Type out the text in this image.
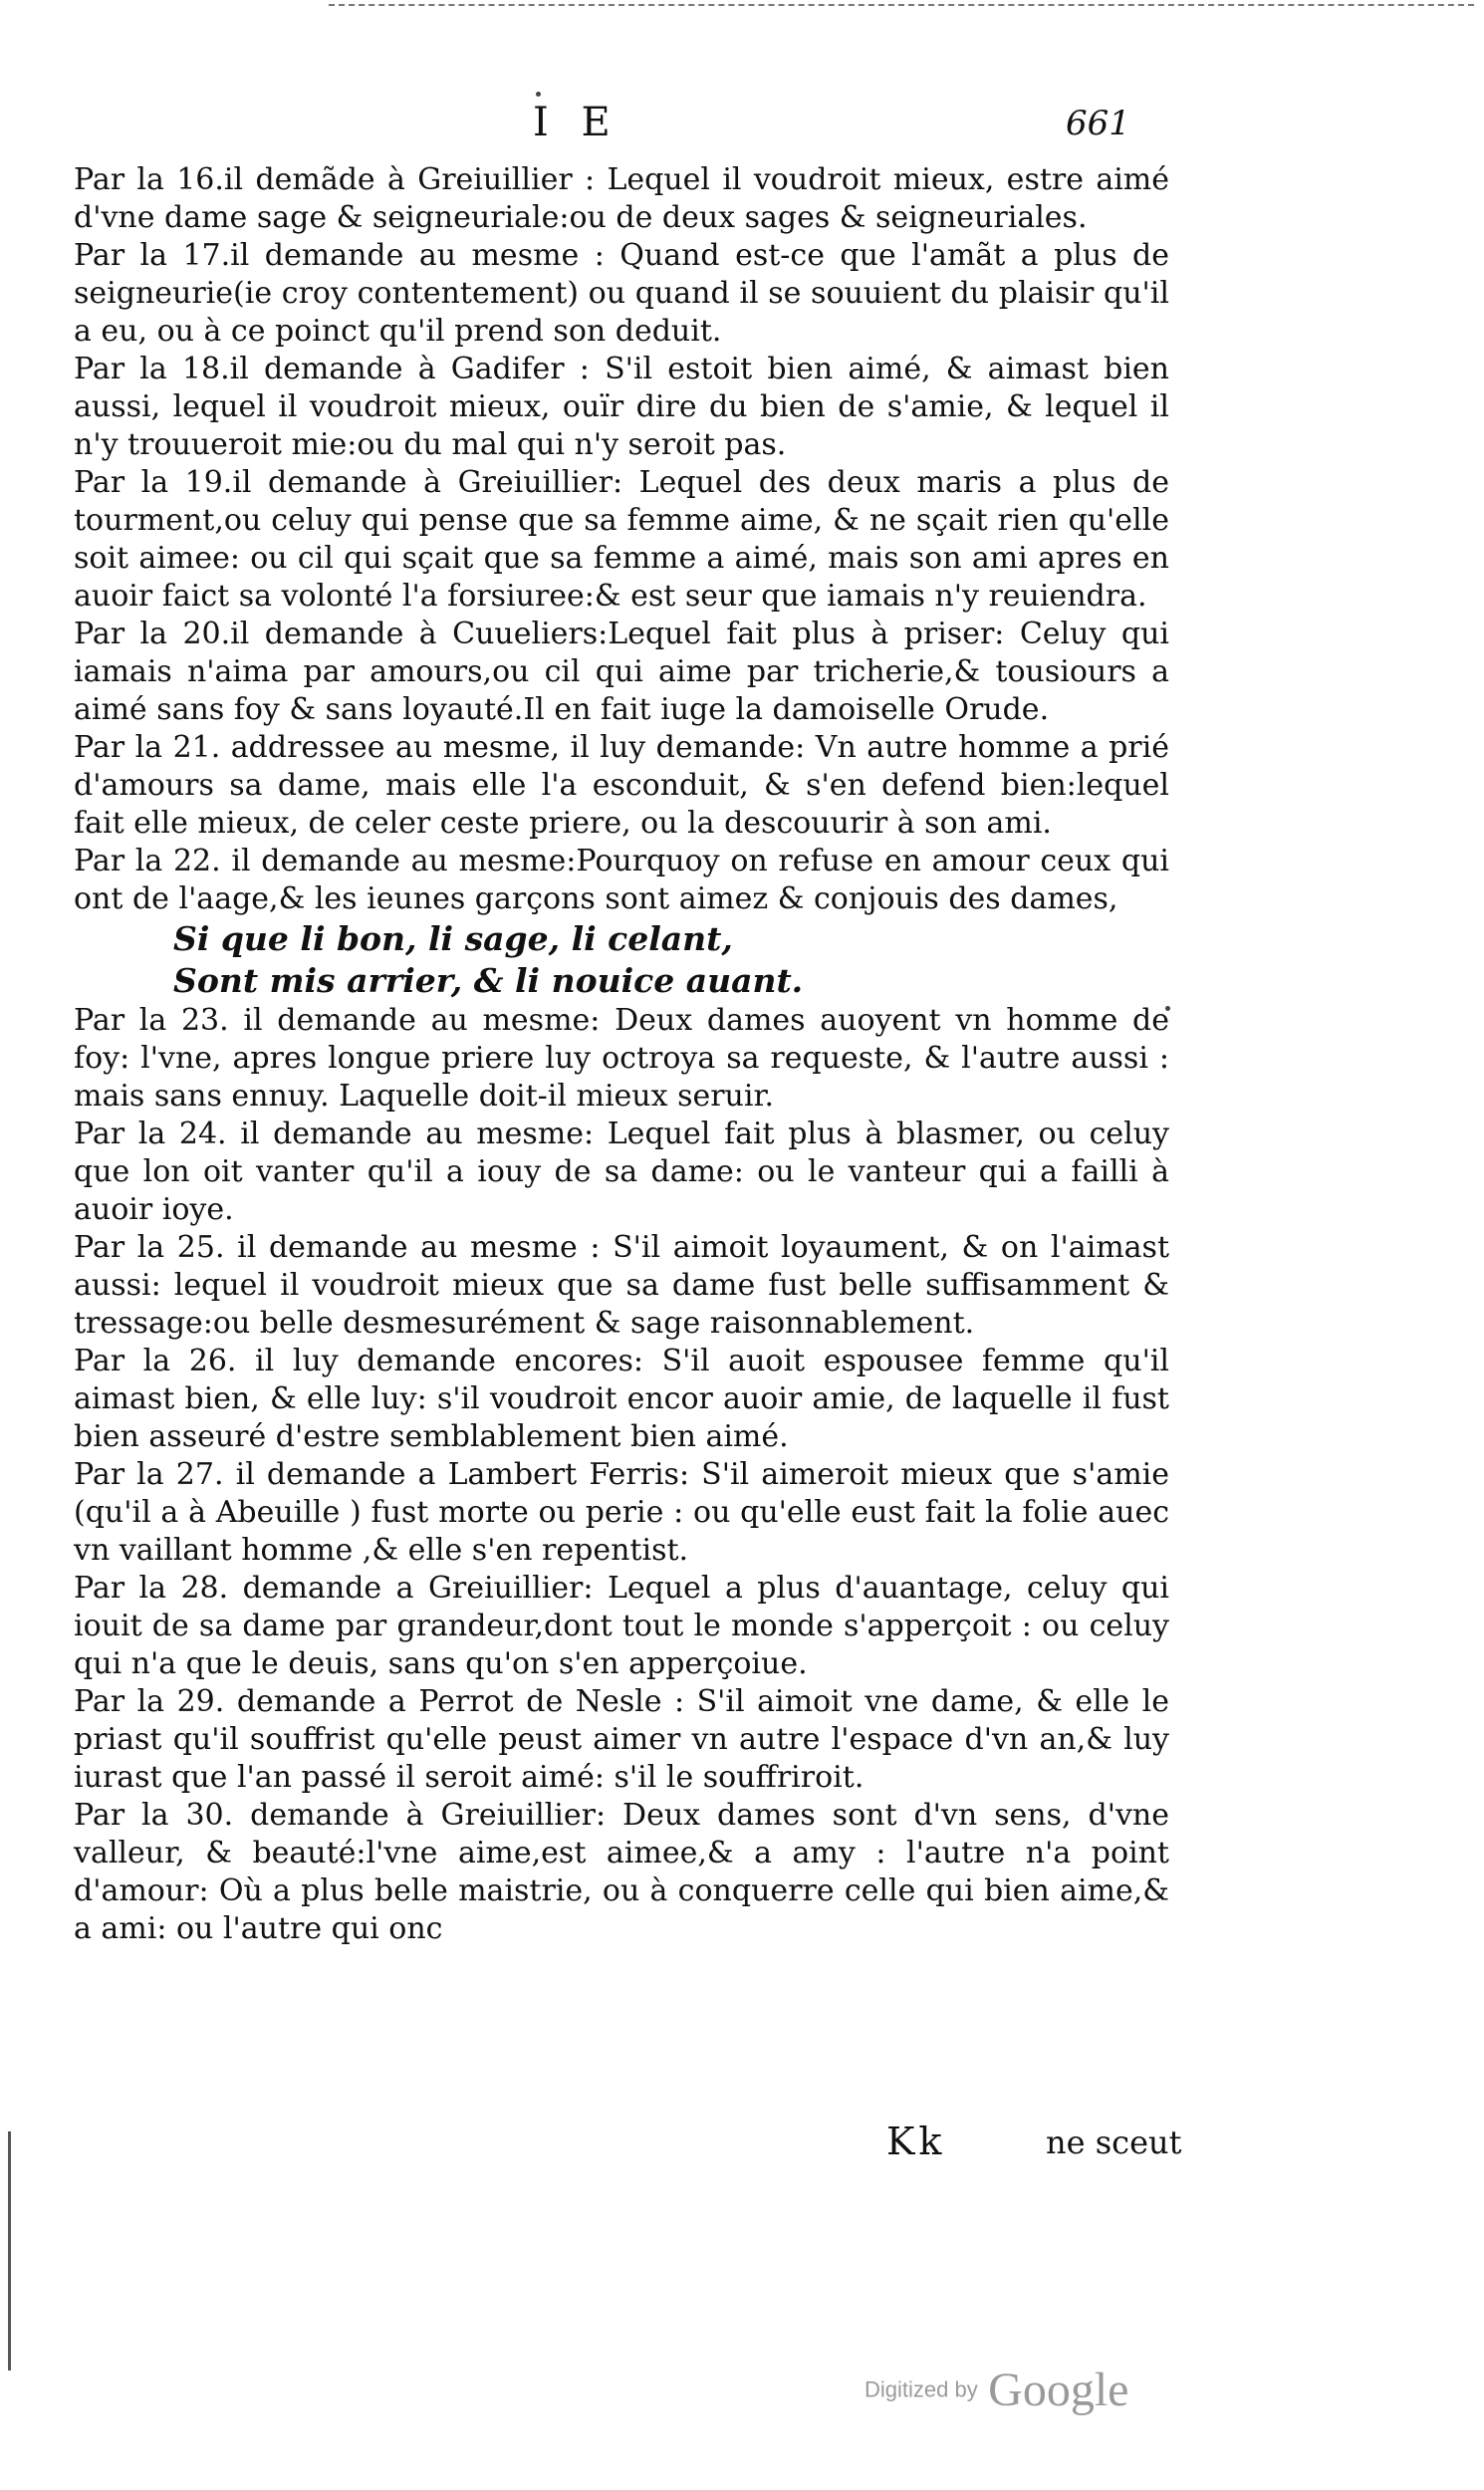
I E	661

Par la 16.il demãde à Greiuillier : Lequel il voudroit mieux, estre aimé d'vne dame sage & seigneuriale:ou de deux sages & seigneuriales.

Par la 17.il demande au mesme : Quand est-ce que l'amãt a plus de seigneurie(ie croy contentement) ou quand il se souuient du plaisir qu'il a eu, ou à ce poinct qu'il prend son deduit.

Par la 18.il demande à Gadifer : S'il estoit bien aimé, & aimast bien aussi, lequel il voudroit mieux, ouïr dire du bien de s'amie, & lequel il n'y trouueroit mie:ou du mal qui n'y seroit pas.

Par la 19.il demande à Greiuillier: Lequel des deux maris a plus de tourment,ou celuy qui pense que sa femme aime, & ne sçait rien qu'elle soit aimee: ou cil qui sçait que sa femme a aimé, mais son ami apres en auoir faict sa volonté l'a forsiuree:& est seur que iamais n'y reuiendra.

Par la 20.il demande à Cuueliers:Lequel fait plus à priser: Celuy qui iamais n'aima par amours,ou cil qui aime par tricherie,& tousiours a aimé sans foy & sans loyauté.Il en fait iuge la damoiselle Orude.

Par la 21. addressee au mesme, il luy demande: Vn autre homme a prié d'amours sa dame, mais elle l'a esconduit, & s'en defend bien:lequel fait elle mieux, de celer ceste priere, ou la descouurir à son ami.

Par la 22. il demande au mesme:Pourquoy on refuse en amour ceux qui ont de l'aage,& les ieunes garçons sont aimez & conjouis des dames,

Si que li bon, li sage, li celant,

Sont mis arrier, & li nouice auant.

Par la 23. il demande au mesme: Deux dames auoyent vn homme de foy: l'vne, apres longue priere luy octroya sa requeste, & l'autre aussi : mais sans ennuy. Laquelle doit-il mieux seruir.

Par la 24. il demande au mesme: Lequel fait plus à blasmer, ou celuy que lon oit vanter qu'il a iouy de sa dame: ou le vanteur qui a failli à auoir ioye.

Par la 25. il demande au mesme : S'il aimoit loyaument, & on l'aimast aussi: lequel il voudroit mieux que sa dame fust belle suffisamment & tressage:ou belle desmesurément & sage raisonnablement.

Par la 26. il luy demande encores: S'il auoit espousee femme qu'il aimast bien, & elle luy: s'il voudroit encor auoir amie, de laquelle il fust bien asseuré d'estre semblablement bien aimé.

Par la 27. il demande a Lambert Ferris: S'il aimeroit mieux que s'amie (qu'il a à Abeuille ) fust morte ou perie : ou qu'elle eust fait la folie auec vn vaillant homme ,& elle s'en repentist.

Par la 28. demande a Greiuillier: Lequel a plus d'auantage, celuy qui iouit de sa dame par grandeur,dont tout le monde s'apperçoit : ou celuy qui n'a que le deuis, sans qu'on s'en apperçoiue.

Par la 29. demande a Perrot de Nesle : S'il aimoit vne dame, & elle le priast qu'il souffrist qu'elle peust aimer vn autre l'espace d'vn an,& luy iurast que l'an passé il seroit aimé: s'il le souffriroit.

Par la 30. demande à Greiuillier: Deux dames sont d'vn sens, d'vne valleur, & beauté:l'vne aime,est aimee,& a amy : l'autre n'a point d'amour: Où a plus belle maistrie, ou à conquerre celle qui bien aime,& a ami: ou l'autre qui onc

Kk	ne sceut
Digitized by Google
